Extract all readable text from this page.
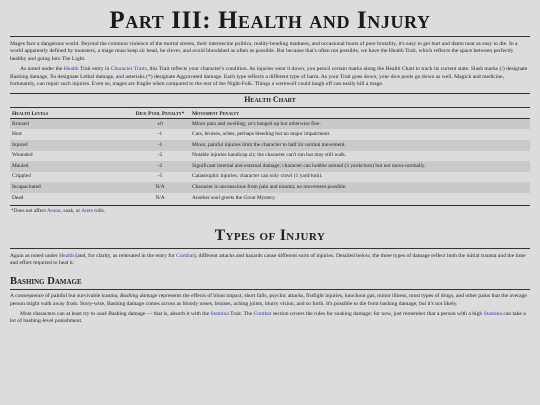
Part III: Health and Injury

Mages face a dangerous world. Beyond the common violence of the mortal streets, their internecine politics, reality-bending madness, and occasional bouts of pure brutality, it's easy to get hurt and damn near as easy to die. In a world apparently defined by monsters, a mage must keep zir head, be clever, and avoid bloodshed as often as possible. But because that's often not possible, we have the Health Trait, which reflects the space between perfectly healthy and going Into The Light.

As noted under the Health Trait entry in Character Traits, this Trait reflects your character's condition. As injuries wear it down, you pencil certain marks along the Health Chart to track its current state. Slash marks (/) designate Bashing damage, Xs designate Lethal damage, and asterisks (*) designate Aggravated damage. Each type reflects a different type of harm. As your Trait goes down, your dice pools go down as well. Magick and medicine, fortunately, can repair such injuries. Even so, mages are fragile when compared to the rest of the Night-Folk. Things a werewolf could laugh off can easily kill a mage.

Health Chart
Health Levels	Dice Pool Penalty*	Movement Penalty
Bruised	±0	Minor pain and swelling; ze's banged up but otherwise fine.
Hurt	-1	Cuts, bruises, aches, perhaps bleeding but no major impairment.
Injured	-1	Minor, painful injuries limit the character to half zir normal movement.
Wounded	-2	Notable injuries handicap zir; the character can't run but may still walk.
Mauled	-2	Significant internal and external damage; character can hobble around (3 yards/turn) but not move normally.
Crippled	-5	Catastrophic injuries; character can only crawl (1 yard/turn).
Incapacitated	N/A	Character is unconscious from pain and trauma; no movement possible.
Dead	N/A	Another soul greets the Great Mystery.
*Does not affect Avatar, soak, or Arete rolls.
Types of Injury

Again as noted under Health (and, for clarity, as reiterated in the entry for Combat), different attacks and hazards cause different sorts of injuries. Detailed below, the three types of damage reflect both the initial trauma and the time and effort required to heal it.

Bashing Damage

A consequence of painful but survivable trauma, Bashing damage represents the effects of blunt impact, short falls, psychic attacks, fistfight injuries, knockout gas, minor illness, most types of drugs, and other pains that the average person might walk away from. Story-wise, Bashing damage comes across as bloody noses, bruises, aching joints, blurry vision, and so forth. It's possible to die from bashing damage, but it's not likely.

Most characters can at least try to soak Bashing damage — that is, absorb it with the Stamina Trait. The Combat section covers the rules for soaking damage; for now, just remember that a person with a high Stamina can take a lot of bashing-level punishment.
